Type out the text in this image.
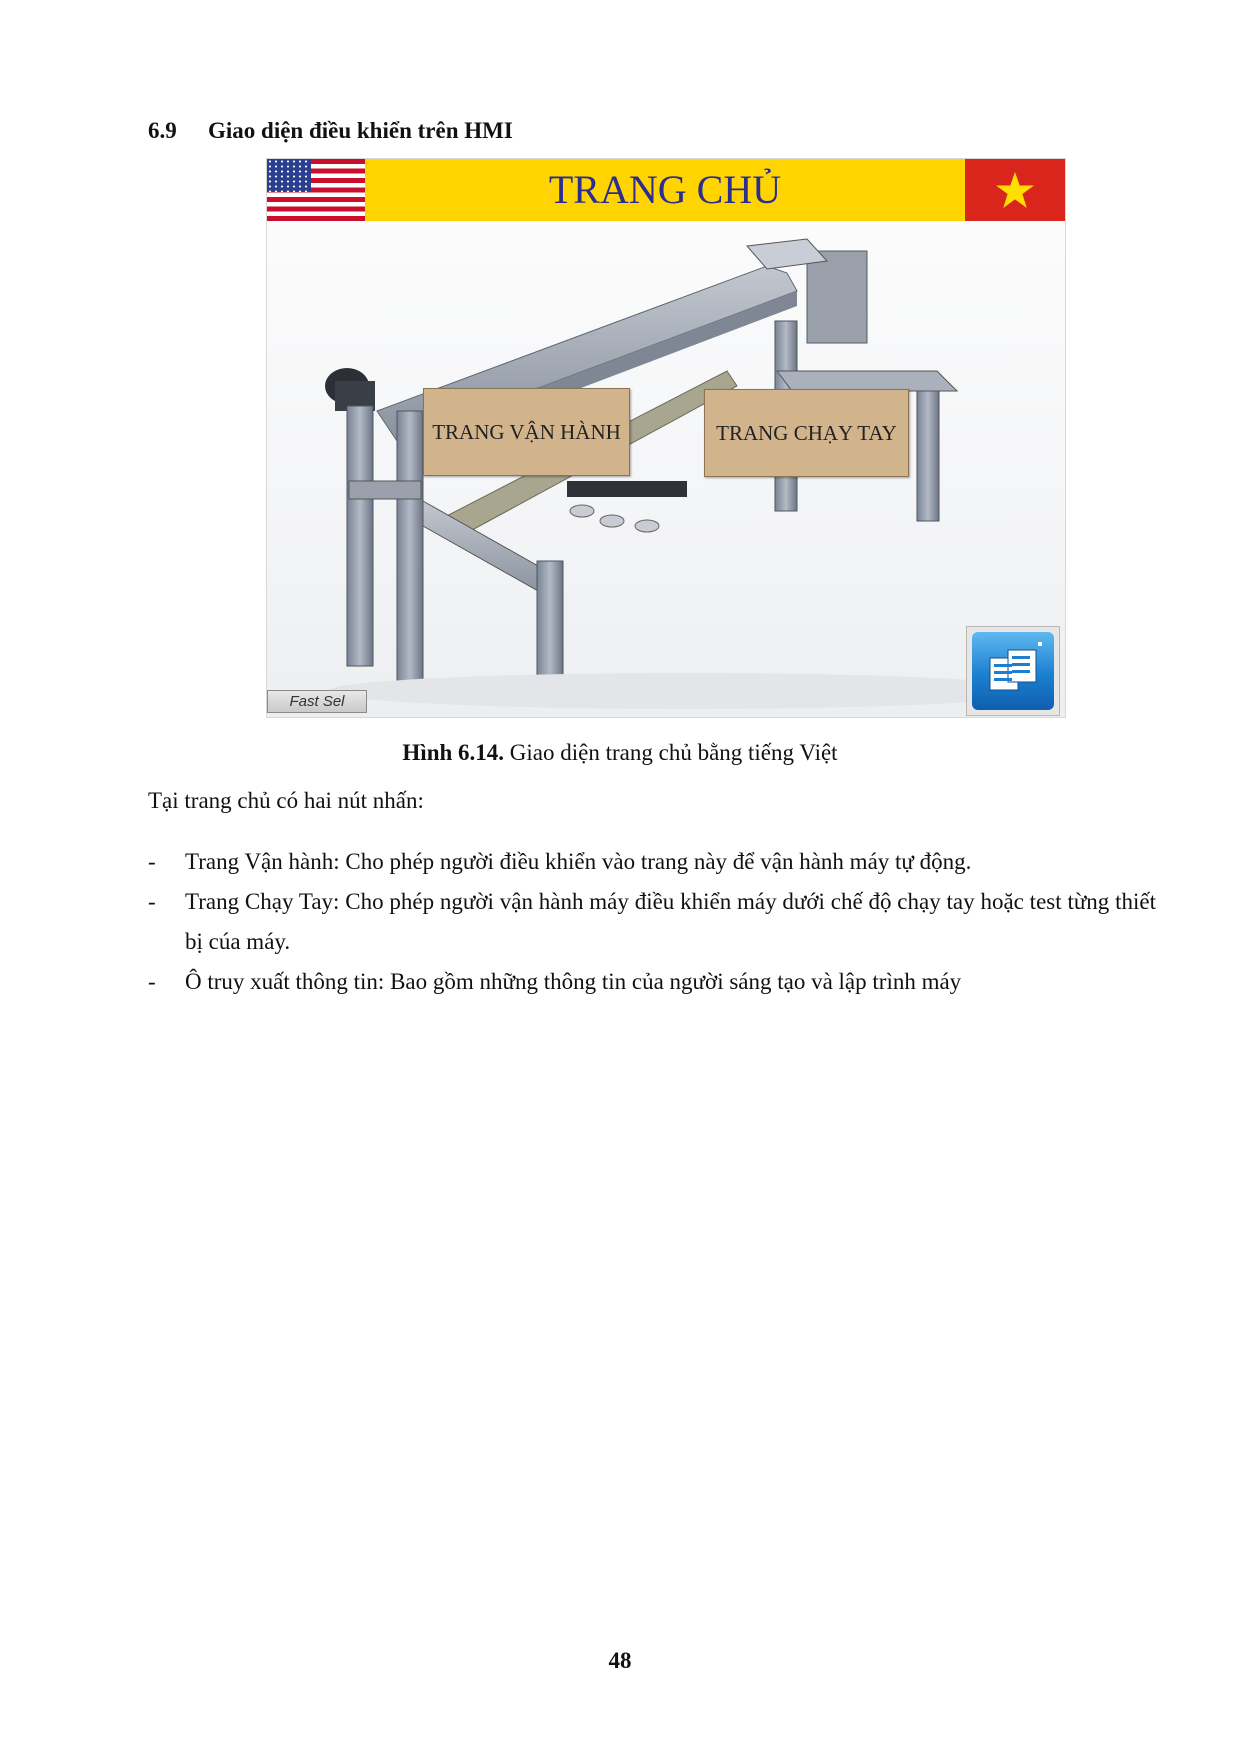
6.9 Giao diện điều khiển trên HMI
TRANG CHỦ
TRANG VẬN HÀNH	TRANG CHẠY TAY
Fast Sel

Hình 6.14. Giao diện trang chủ bằng tiếng Việt

Tại trang chủ có hai nút nhấn:

- Trang Vận hành: Cho phép người điều khiển vào trang này để vận hành máy tự động.
- Trang Chạy Tay: Cho phép người vận hành máy điều khiển máy dưới chế độ chạy tay hoặc test từng thiết bị cúa máy.
- Ô truy xuất thông tin: Bao gồm những thông tin của người sáng tạo và lập trình máy
48
